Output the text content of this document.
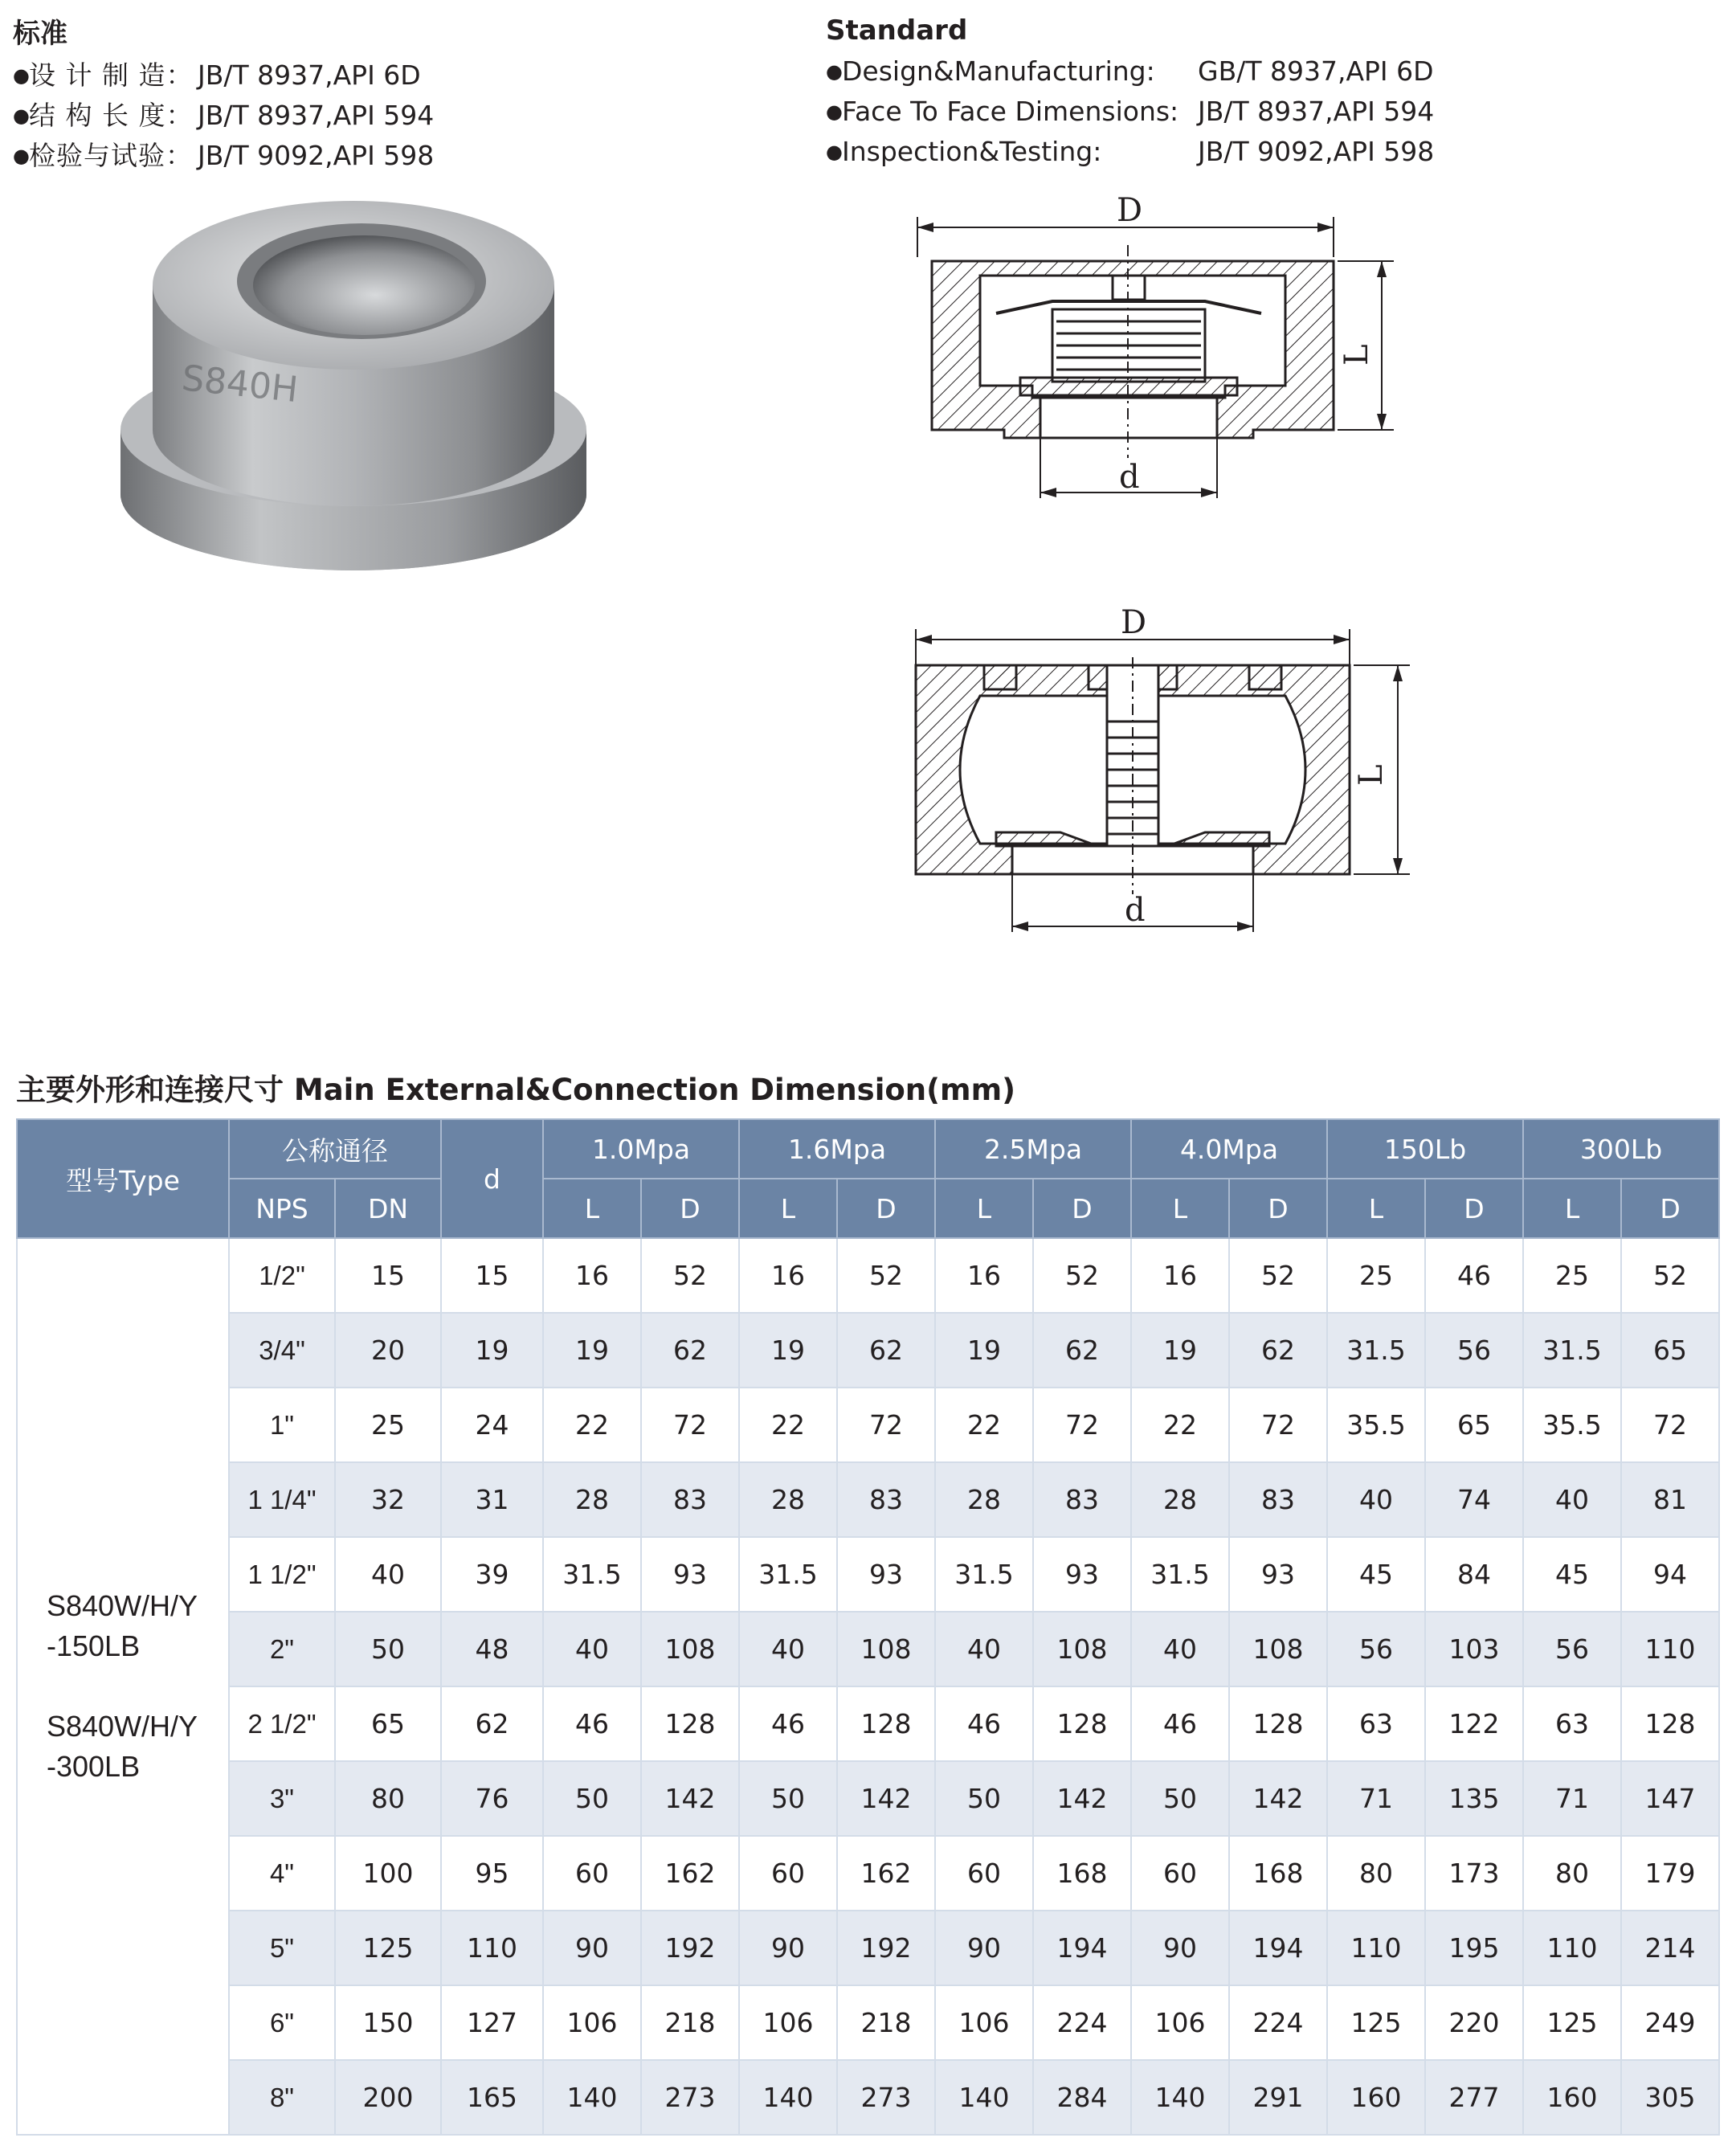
标准
●设 计 制 造： JB/T 8937,API 6D
●结 构 长 度： JB/T 8937,API 594
●检验与试验： JB/T 9092,API 598
Standard
●Design&Manufacturing: GB/T 8937,API 6D
●Face To Face Dimensions: JB/T 8937,API 594
●Inspection&Testing:	JB/T 9092,API 598
S840H
D
L
d
D
L
d
主要外形和连接尺寸 Main External&Connection Dimension(mm)
型号Type	公称通径		d	1.0Mpa		1.6Mpa		2.5Mpa		4.0Mpa		150Lb		300Lb	
	NPS	DN		L	D	L	D	L	D	L	D	L	D	L	D

S840W/H/Y
-150LB
S840W/H/Y
-300LB	1/2"	15	15	16	52	16	52	16	52	16	52	25	46	25	52
	3/4"	20	19	19	62	19	62	19	62	19	62	31.5	56	31.5	65
	1"	25	24	22	72	22	72	22	72	22	72	35.5	65	35.5	72
	1 1/4"	32	31	28	83	28	83	28	83	28	83	40	74	40	81
	1 1/2"	40	39	31.5	93	31.5	93	31.5	93	31.5	93	45	84	45	94
	2"	50	48	40	108	40	108	40	108	40	108	56	103	56	110
	2 1/2"	65	62	46	128	46	128	46	128	46	128	63	122	63	128
	3"	80	76	50	142	50	142	50	142	50	142	71	135	71	147
	4"	100	95	60	162	60	162	60	168	60	168	80	173	80	179
	5"	125	110	90	192	90	192	90	194	90	194	110	195	110	214
	6"	150	127	106	218	106	218	106	224	106	224	125	220	125	249
	8"	200	165	140	273	140	273	140	284	140	291	160	277	160	305
